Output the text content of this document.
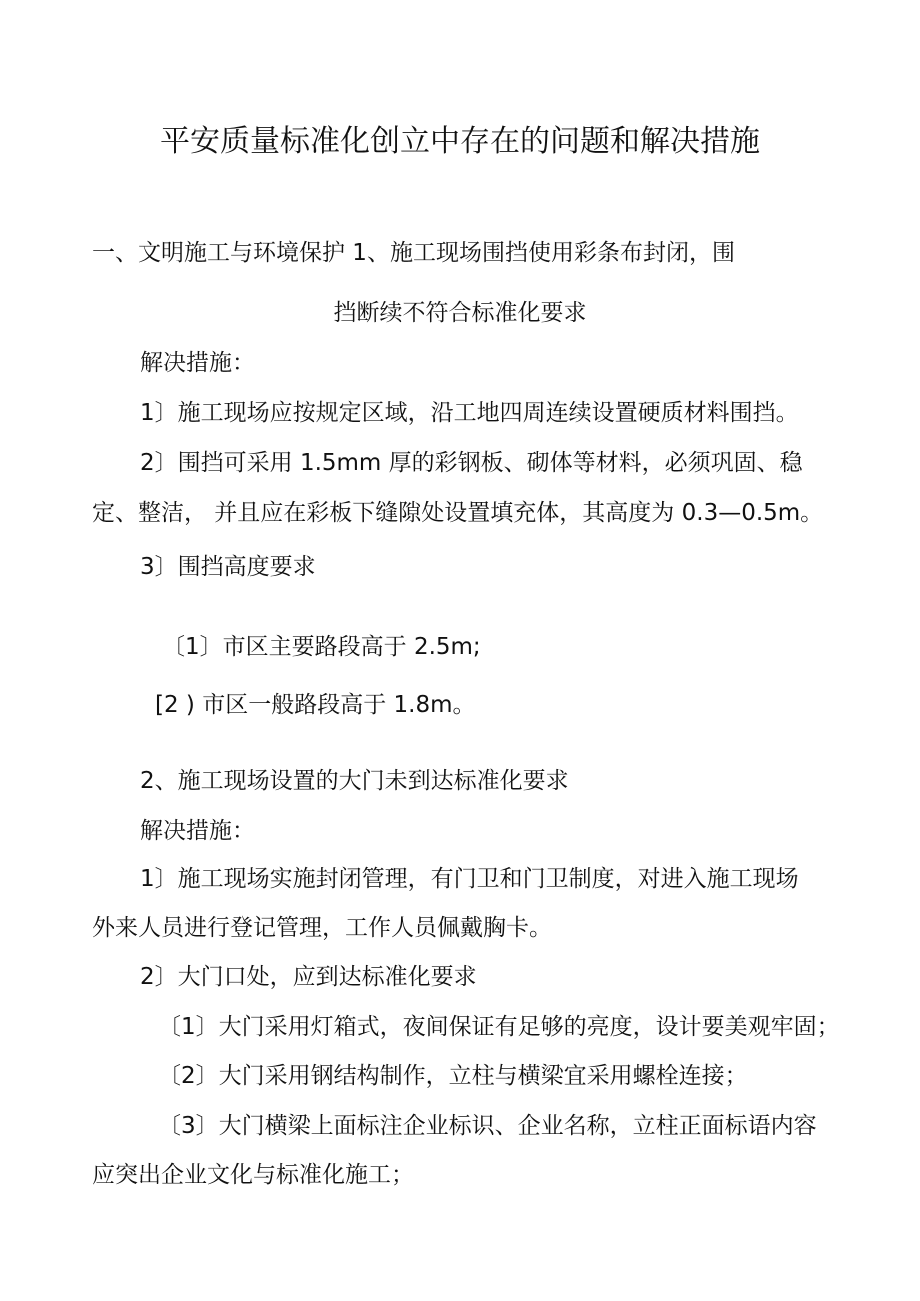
平安质量标准化创立中存在的问题和解决措施
一、文明施工与环境保护 1、施工现场围挡使用彩条布封闭，围
挡断续不符合标准化要求
解决措施：
1〕施工现场应按规定区域，沿工地四周连续设置硬质材料围挡。
2〕围挡可采用 1.5mm 厚的彩钢板、砌体等材料，必须巩固、稳
定、整洁， 并且应在彩板下缝隙处设置填充体，其高度为 0.3—0.5m。
3〕围挡高度要求
〔1〕市区主要路段高于 2.5m;
[2 ) 市区一般路段高于 1.8m。
2、施工现场设置的大门未到达标准化要求
解决措施：
1〕施工现场实施封闭管理，有门卫和门卫制度，对进入施工现场
外来人员进行登记管理，工作人员佩戴胸卡。
2〕大门口处，应到达标准化要求
〔1〕大门采用灯箱式，夜间保证有足够的亮度，设计要美观牢固；
〔2〕大门采用钢结构制作，立柱与横梁宜采用螺栓连接；
〔3〕大门横梁上面标注企业标识、企业名称，立柱正面标语内容
应突出企业文化与标准化施工；
